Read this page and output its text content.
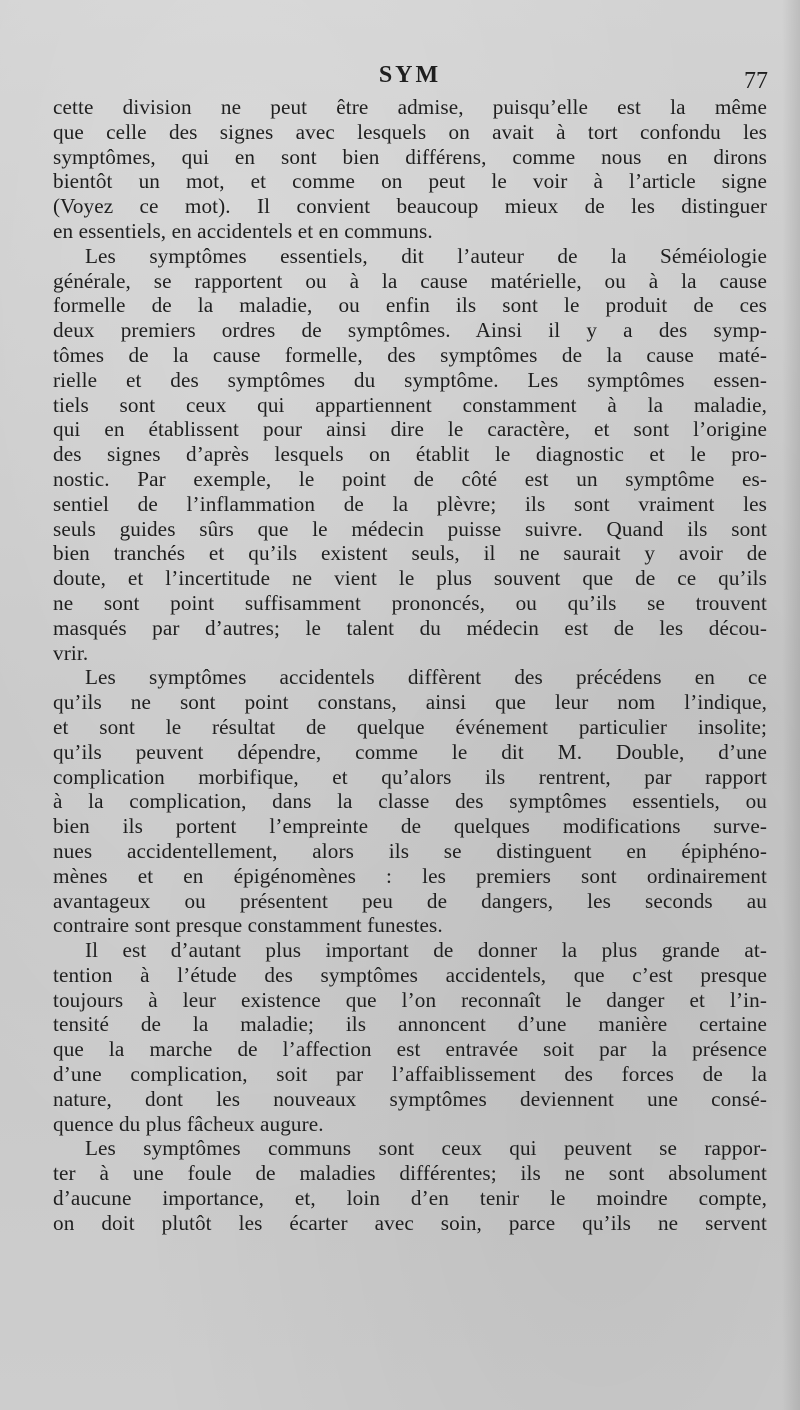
SYM	77
cette division ne peut être admise, puisqu’elle est la même
que celle des signes avec lesquels on avait à tort confondu les
symptômes, qui en sont bien différens, comme nous en dirons
bientôt un mot, et comme on peut le voir à l’article signe
(Voyez ce mot). Il convient beaucoup mieux de les distinguer
en essentiels, en accidentels et en communs.
Les symptômes essentiels, dit l’auteur de la Séméiologie
générale, se rapportent ou à la cause matérielle, ou à la cause
formelle de la maladie, ou enfin ils sont le produit de ces
deux premiers ordres de symptômes. Ainsi il y a des symp-
tômes de la cause formelle, des symptômes de la cause maté-
rielle et des symptômes du symptôme. Les symptômes essen-
tiels sont ceux qui appartiennent constamment à la maladie,
qui en établissent pour ainsi dire le caractère, et sont l’origine
des signes d’après lesquels on établit le diagnostic et le pro-
nostic. Par exemple, le point de côté est un symptôme es-
sentiel de l’inflammation de la plèvre; ils sont vraiment les
seuls guides sûrs que le médecin puisse suivre. Quand ils sont
bien tranchés et qu’ils existent seuls, il ne saurait y avoir de
doute, et l’incertitude ne vient le plus souvent que de ce qu’ils
ne sont point suffisamment prononcés, ou qu’ils se trouvent
masqués par d’autres; le talent du médecin est de les décou-
vrir.
Les symptômes accidentels diffèrent des précédens en ce
qu’ils ne sont point constans, ainsi que leur nom l’indique,
et sont le résultat de quelque événement particulier insolite;
qu’ils peuvent dépendre, comme le dit M. Double, d’une
complication morbifique, et qu’alors ils rentrent, par rapport
à la complication, dans la classe des symptômes essentiels, ou
bien ils portent l’empreinte de quelques modifications surve-
nues accidentellement, alors ils se distinguent en épiphéno-
mènes et en épigénomènes : les premiers sont ordinairement
avantageux ou présentent peu de dangers, les seconds au
contraire sont presque constamment funestes.
Il est d’autant plus important de donner la plus grande at-
tention à l’étude des symptômes accidentels, que c’est presque
toujours à leur existence que l’on reconnaît le danger et l’in-
tensité de la maladie; ils annoncent d’une manière certaine
que la marche de l’affection est entravée soit par la présence
d’une complication, soit par l’affaiblissement des forces de la
nature, dont les nouveaux symptômes deviennent une consé-
quence du plus fâcheux augure.
Les symptômes communs sont ceux qui peuvent se rappor-
ter à une foule de maladies différentes; ils ne sont absolument
d’aucune importance, et, loin d’en tenir le moindre compte,
on doit plutôt les écarter avec soin, parce qu’ils ne servent
